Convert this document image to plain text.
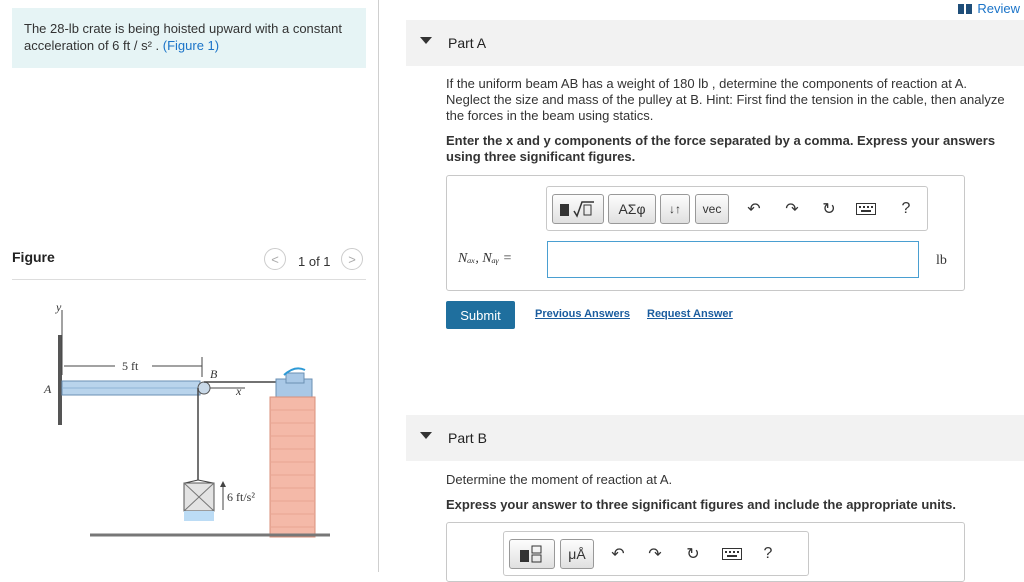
The 28-lb crate is being hoisted upward with a constant acceleration of 6 ft / s² . (Figure 1)
Figure	< 1 of 1 >
y
A
5 ft
B
x
6 ft/s²
Review
Part A
If the uniform beam AB has a weight of 180 lb , determine the components of reaction at A. Neglect the size and mass of the pulley at B. Hint: First find the tension in the cable, then analyze the forces in the beam using statics.
Enter the x and y components of the force separated by a comma. Express your answers using three significant figures.
ΑΣφ ↓↑ vec ↶ ↷ ↻	?
Nₐₓ, Nₐᵧ =	lb
Submit	Previous Answers Request Answer
Part B
Determine the moment of reaction at A.
Express your answer to three significant figures and include the appropriate units.
μÅ ↶ ↷ ↻	?
